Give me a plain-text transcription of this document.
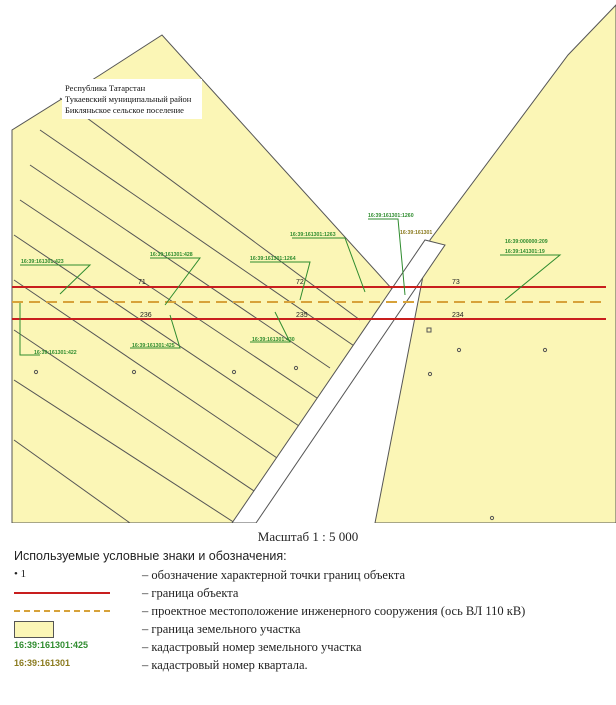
Республика Татарстан
Тукаевский муниципальный район
Бикляньское сельское поселение
16:39:161301:423
16:39:161301:428
16:39:161301:1264
16:39:161301:1263
16:39:161301:1260
16:39:161301
16:39:000000:209
16:39:141301:19
16:39:161301:422
16:39:161301:425
16:39:161301:430
71	72	73
236	235	234
Масштаб 1 : 5 000
Используемые условные знаки и обозначения:
• 1	– обозначение характерной точки границ объекта
– граница объекта
– проектное местоположение инженерного сооружения (ось ВЛ 110 кВ)
– граница земельного участка
16:39:161301:425	– кадастровый номер земельного участка
16:39:161301	– кадастровый номер квартала.
